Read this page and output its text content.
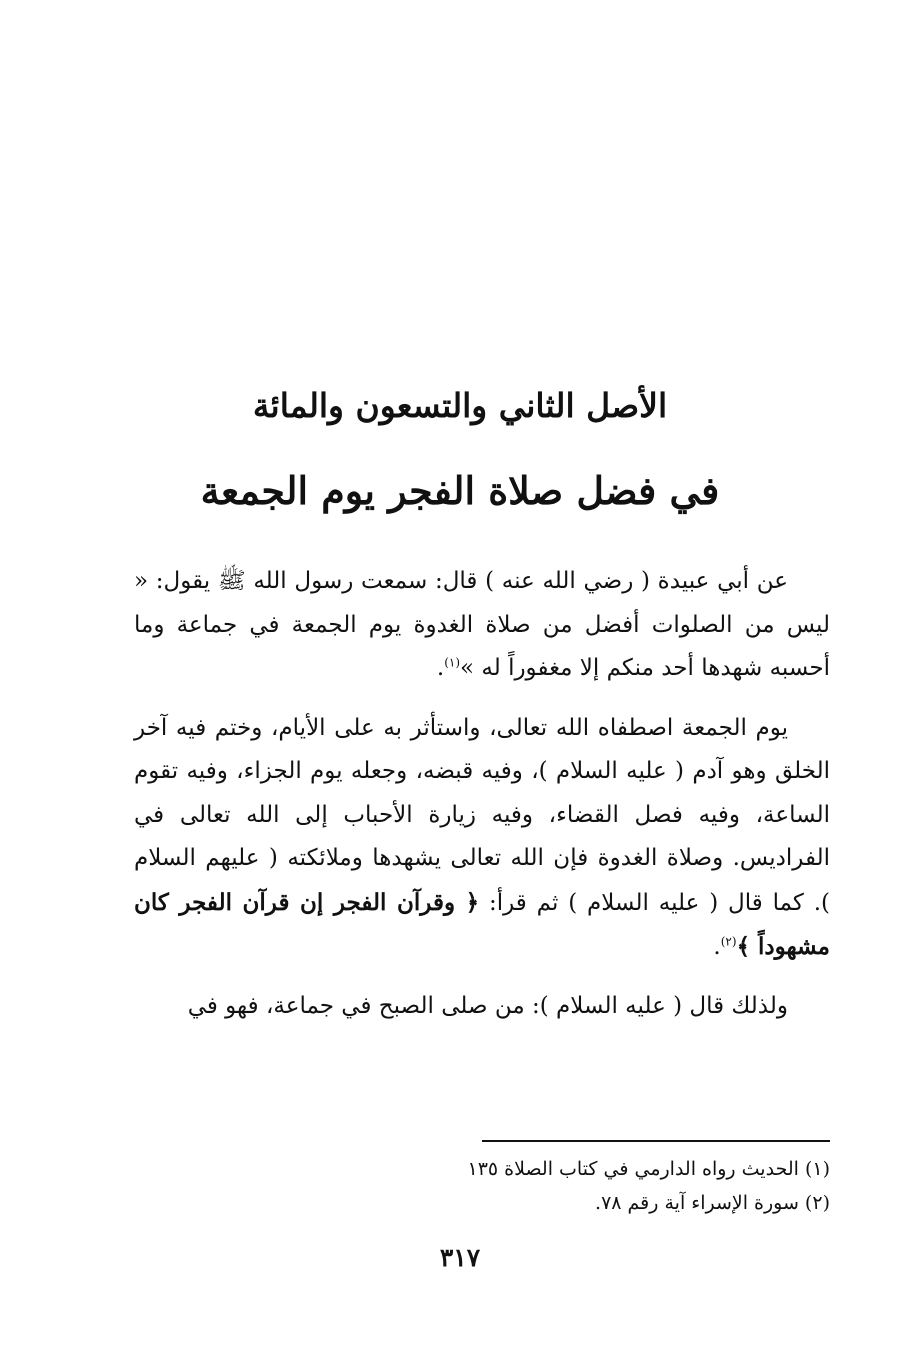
الأصل الثاني والتسعون والمائة
في فضل صلاة الفجر يوم الجمعة

عن أبي عبيدة ( رضي الله عنه ) قال: سمعت رسول الله ﷺ يقول: « ليس من الصلوات أفضل من صلاة الغدوة يوم الجمعة في جماعة وما أحسبه شهدها أحد منكم إلا مغفوراً له »$^{(١)}$.

يوم الجمعة اصطفاه الله تعالى، واستأثر به على الأيام، وختم فيه آخر الخلق وهو آدم ( عليه السلام )، وفيه قبضه، وجعله يوم الجزاء، وفيه تقوم الساعة، وفيه فصل القضاء، وفيه زيارة الأحباب إلى الله تعالى في الفراديس. وصلاة الغدوة فإن الله تعالى يشهدها وملائكته ( عليهم السلام ). كما قال ( عليه السلام ) ثم قرأ: ﴿ وقرآن الفجر إن قرآن الفجر كان مشهوداً ﴾$^{(٢)}$.

ولذلك قال ( عليه السلام ): من صلى الصبح في جماعة، فهو في

(١) الحديث رواه الدارمي في كتاب الصلاة ١٣٥

(٢) سورة الإسراء آية رقم ٧٨.

٣١٧
